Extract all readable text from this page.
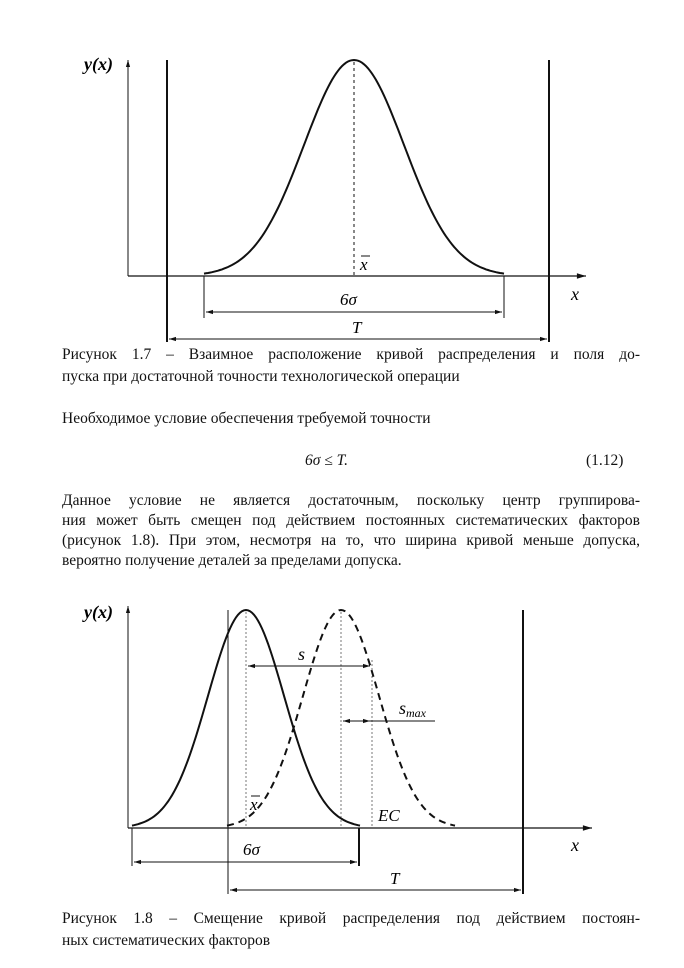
y(x)
x
x
6σ
T
y(x)
x
x
s
smax
EC
6σ
T
Рисунок 1.7 – Взаимное расположение кривой распределения и поля до-
пуска при достаточной точности технологической операции
Необходимое условие обеспечения требуемой точности
6σ ≤ T.	(1.12)
Данное условие не является достаточным, поскольку центр группирова-
ния может быть смещен под действием постоянных систематических факторов
(рисунок 1.8). При этом, несмотря на то, что ширина кривой меньше допуска,
вероятно получение деталей за пределами допуска.
Рисунок 1.8 – Смещение кривой распределения под действием постоян-
ных систематических факторов
